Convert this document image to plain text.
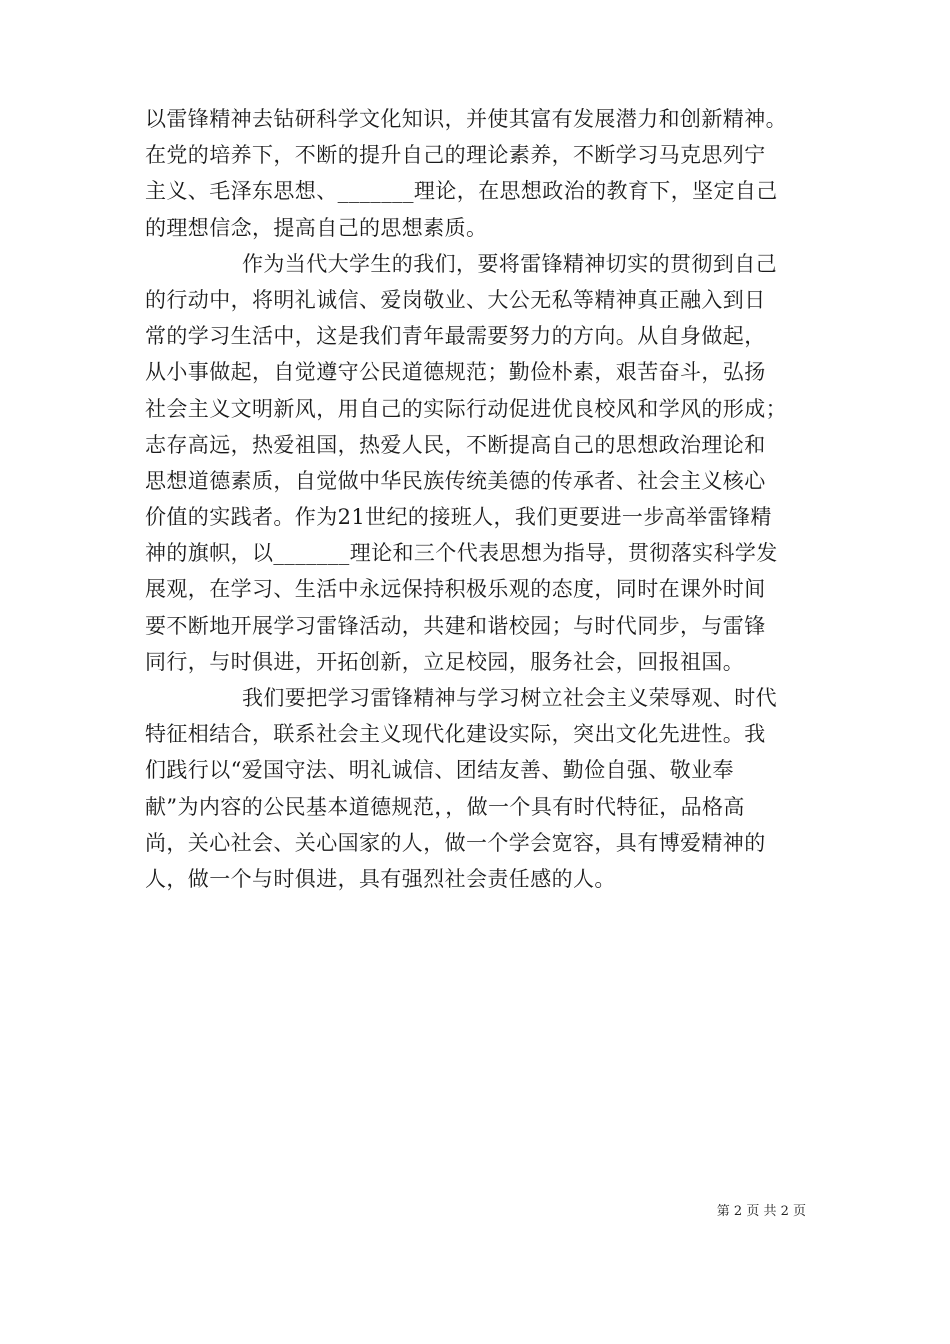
以雷锋精神去钻研科学文化知识，并使其富有发展潜力和创新精神。
在党的培养下，不断的提升自己的理论素养，不断学习马克思列宁
主义、毛泽东思想、_______理论，在思想政治的教育下，坚定自己
的理想信念，提高自己的思想素质。
作为当代大学生的我们，要将雷锋精神切实的贯彻到自己
的行动中，将明礼诚信、爱岗敬业、大公无私等精神真正融入到日
常的学习生活中，这是我们青年最需要努力的方向。从自身做起，
从小事做起，自觉遵守公民道德规范；勤俭朴素，艰苦奋斗，弘扬
社会主义文明新风，用自己的实际行动促进优良校风和学风的形成；
志存高远，热爱祖国，热爱人民，不断提高自己的思想政治理论和
思想道德素质，自觉做中华民族传统美德的传承者、社会主义核心
价值的实践者。作为21世纪的接班人，我们更要进一步高举雷锋精
神的旗帜，以_______理论和三个代表思想为指导，贯彻落实科学发
展观，在学习、生活中永远保持积极乐观的态度，同时在课外时间
要不断地开展学习雷锋活动，共建和谐校园；与时代同步，与雷锋
同行，与时俱进，开拓创新，立足校园，服务社会，回报祖国。
我们要把学习雷锋精神与学习树立社会主义荣辱观、时代
特征相结合，联系社会主义现代化建设实际，突出文化先进性。我
们践行以“爱国守法、明礼诚信、团结友善、勤俭自强、敬业奉
献”为内容的公民基本道德规范，，做一个具有时代特征，品格高
尚，关心社会、关心国家的人，做一个学会宽容，具有博爱精神的
人，做一个与时俱进，具有强烈社会责任感的人。
第 2 页 共 2 页
